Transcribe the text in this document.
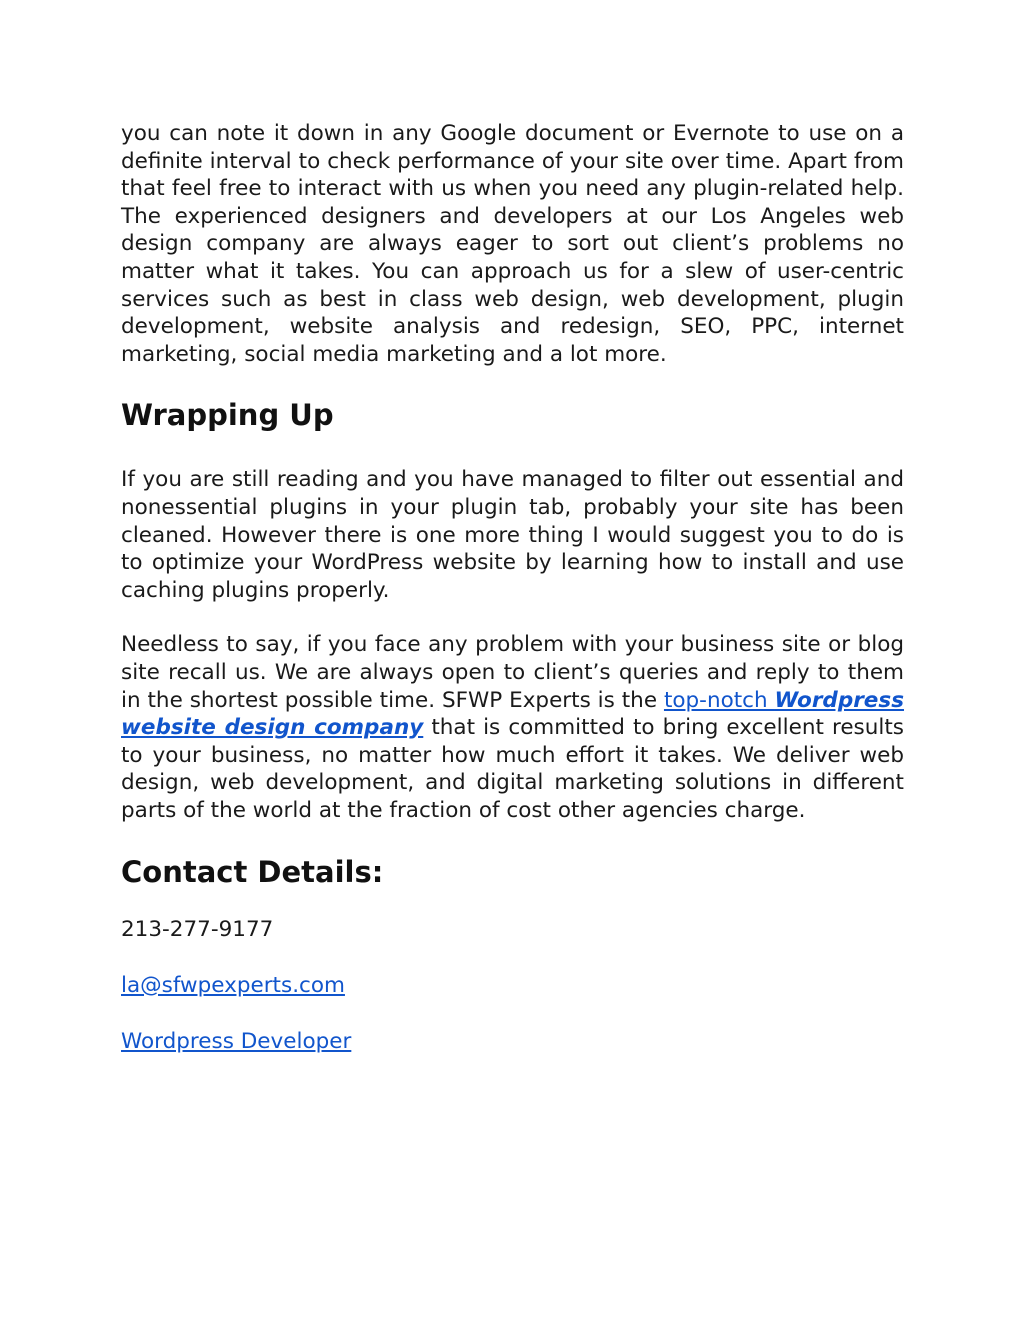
you can note it down in any Google document or Evernote to use on a definite interval to check performance of your site over time. Apart from that feel free to interact with us when you need any plugin-related help. The experienced designers and developers at our Los Angeles web design company are always eager to sort out client’s problems no matter what it takes. You can approach us for a slew of user-centric services such as best in class web design, web development, plugin development, website analysis and redesign, SEO, PPC, internet marketing, social media marketing and a lot more.

Wrapping Up

If you are still reading and you have managed to filter out essential and nonessential plugins in your plugin tab, probably your site has been cleaned. However there is one more thing I would suggest you to do is to optimize your WordPress website by learning how to install and use caching plugins properly.

Needless to say, if you face any problem with your business site or blog site recall us. We are always open to client’s queries and reply to them in the shortest possible time. SFWP Experts is the top-notch Wordpress website design company that is committed to bring excellent results to your business, no matter how much effort it takes. We deliver web design, web development, and digital marketing solutions in different parts of the world at the fraction of cost other agencies charge.

Contact Details:

213-277-9177

la@sfwpexperts.com

Wordpress Developer
